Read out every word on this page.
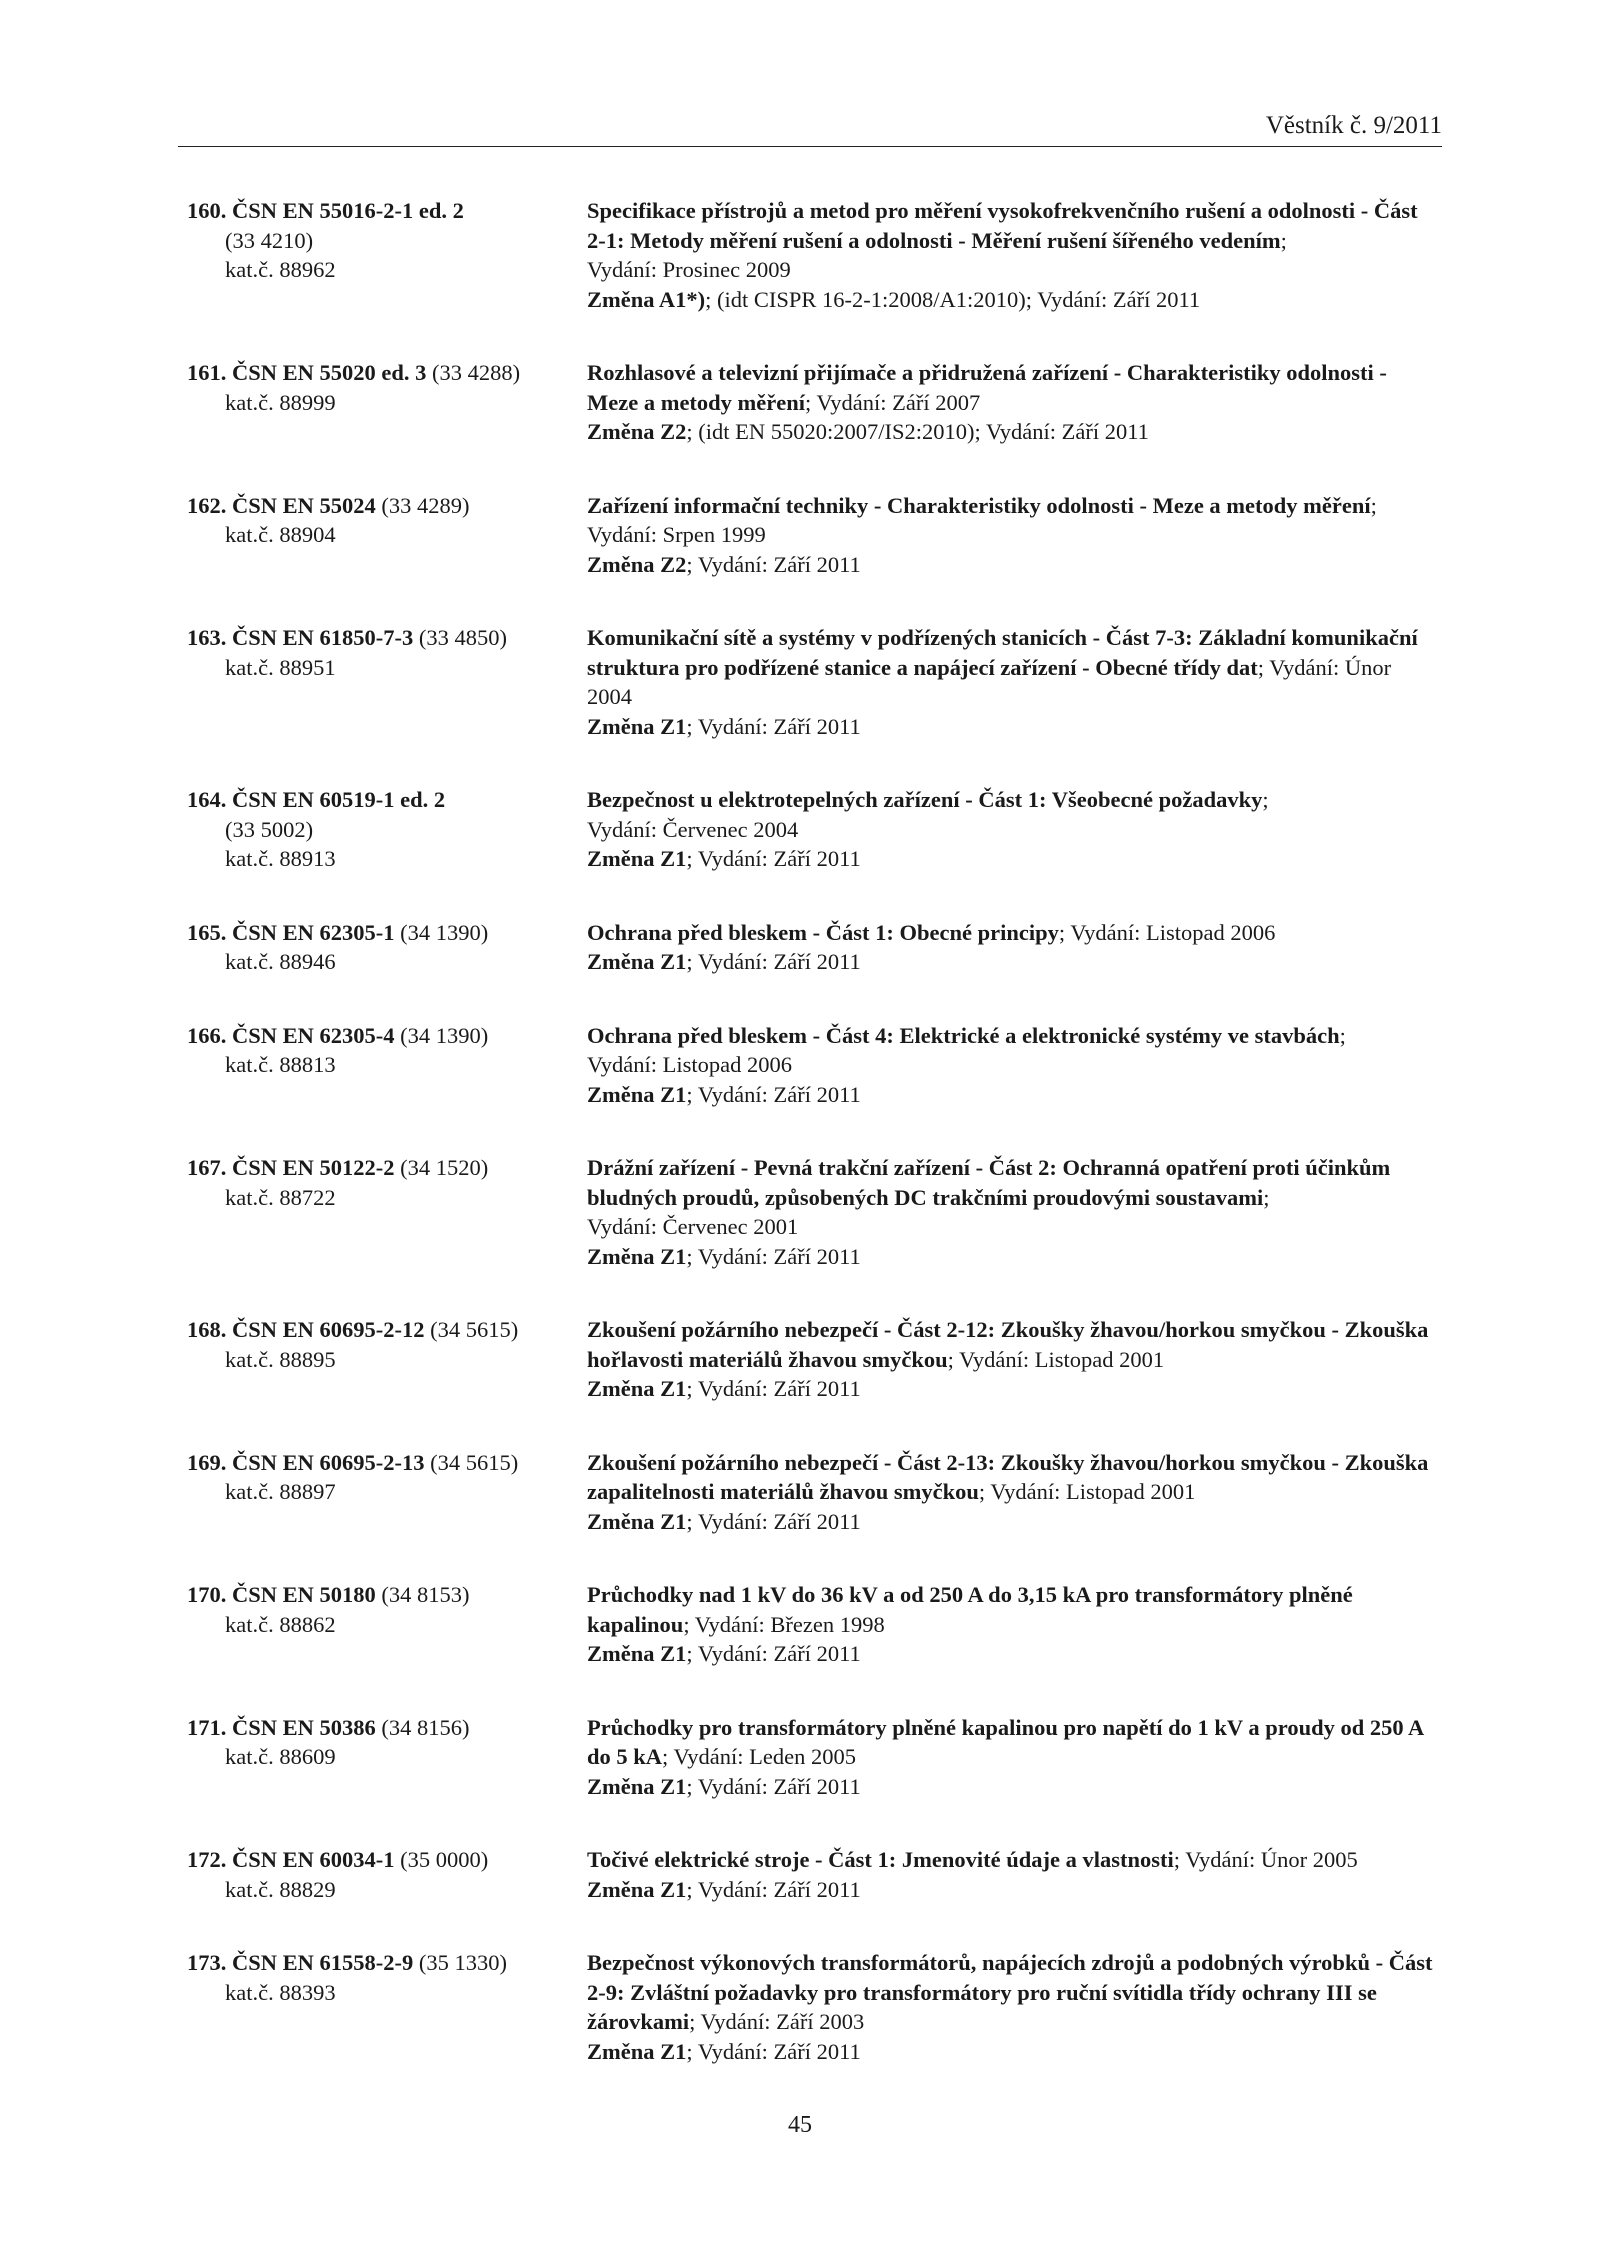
Věstník č. 9/2011
160. ČSN EN 55016-2-1 ed. 2
(33 4210)
kat.č. 88962
Specifikace přístrojů a metod pro měření vysokofrekvenčního rušení a odolnosti - Část 2-1: Metody měření rušení a odolnosti - Měření rušení šířeného vedením;
Vydání: Prosinec 2009
Změna A1*); (idt CISPR 16-2-1:2008/A1:2010); Vydání: Září 2011
161. ČSN EN 55020 ed. 3 (33 4288)
kat.č. 88999
Rozhlasové a televizní přijímače a přidružená zařízení - Charakteristiky odolnosti - Meze a metody měření; Vydání: Září 2007
Změna Z2; (idt EN 55020:2007/IS2:2010); Vydání: Září 2011
162. ČSN EN 55024 (33 4289)
kat.č. 88904
Zařízení informační techniky - Charakteristiky odolnosti - Meze a metody měření; Vydání: Srpen 1999
Změna Z2; Vydání: Září 2011
163. ČSN EN 61850-7-3 (33 4850)
kat.č. 88951
Komunikační sítě a systémy v podřízených stanicích - Část 7-3: Základní komunikační struktura pro podřízené stanice a napájecí zařízení - Obecné třídy dat; Vydání: Únor 2004
Změna Z1; Vydání: Září 2011
164. ČSN EN 60519-1 ed. 2
(33 5002)
kat.č. 88913
Bezpečnost u elektrotepelných zařízení - Část 1: Všeobecné požadavky;
Vydání: Červenec 2004
Změna Z1; Vydání: Září 2011
165. ČSN EN 62305-1 (34 1390)
kat.č. 88946
Ochrana před bleskem - Část 1: Obecné principy; Vydání: Listopad 2006
Změna Z1; Vydání: Září 2011
166. ČSN EN 62305-4 (34 1390)
kat.č. 88813
Ochrana před bleskem - Část 4: Elektrické a elektronické systémy ve stavbách;
Vydání: Listopad 2006
Změna Z1; Vydání: Září 2011
167. ČSN EN 50122-2 (34 1520)
kat.č. 88722
Drážní zařízení - Pevná trakční zařízení - Část 2: Ochranná opatření proti účinkům bludných proudů, způsobených DC trakčními proudovými soustavami;
Vydání: Červenec 2001
Změna Z1; Vydání: Září 2011
168. ČSN EN 60695-2-12 (34 5615)
kat.č. 88895
Zkoušení požárního nebezpečí - Část 2-12: Zkoušky žhavou/horkou smyčkou - Zkouška hořlavosti materiálů žhavou smyčkou; Vydání: Listopad 2001
Změna Z1; Vydání: Září 2011
169. ČSN EN 60695-2-13 (34 5615)
kat.č. 88897
Zkoušení požárního nebezpečí - Část 2-13: Zkoušky žhavou/horkou smyčkou - Zkouška zapalitelnosti materiálů žhavou smyčkou; Vydání: Listopad 2001
Změna Z1; Vydání: Září 2011
170. ČSN EN 50180 (34 8153)
kat.č. 88862
Průchodky nad 1 kV do 36 kV a od 250 A do 3,15 kA pro transformátory plněné kapalinou; Vydání: Březen 1998
Změna Z1; Vydání: Září 2011
171. ČSN EN 50386 (34 8156)
kat.č. 88609
Průchodky pro transformátory plněné kapalinou pro napětí do 1 kV a proudy od 250 A do 5 kA; Vydání: Leden 2005
Změna Z1; Vydání: Září 2011
172. ČSN EN 60034-1 (35 0000)
kat.č. 88829
Točivé elektrické stroje - Část 1: Jmenovité údaje a vlastnosti; Vydání: Únor 2005
Změna Z1; Vydání: Září 2011
173. ČSN EN 61558-2-9 (35 1330)
kat.č. 88393
Bezpečnost výkonových transformátorů, napájecích zdrojů a podobných výrobků - Část 2-9: Zvláštní požadavky pro transformátory pro ruční svítidla třídy ochrany III se žárovkami; Vydání: Září 2003
Změna Z1; Vydání: Září 2011
45
